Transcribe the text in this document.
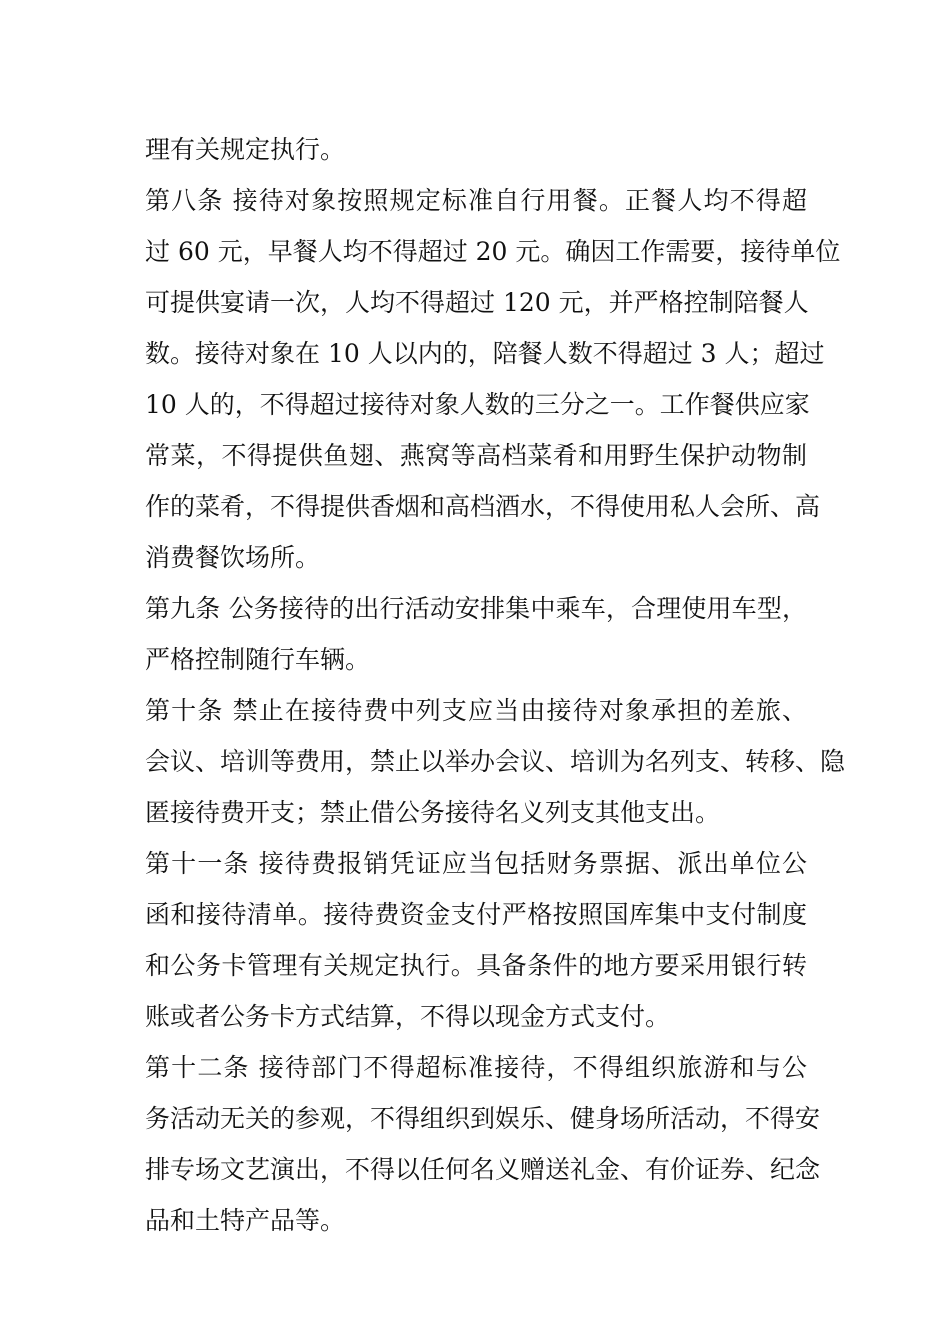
理有关规定执行。
第八条 接待对象按照规定标准自行用餐。正餐人均不得超
过 60 元，早餐人均不得超过 20 元。确因工作需要，接待单位
可提供宴请一次，人均不得超过 120 元，并严格控制陪餐人
数。接待对象在 10 人以内的，陪餐人数不得超过 3 人；超过
10 人的，不得超过接待对象人数的三分之一。工作餐供应家
常菜，不得提供鱼翅、燕窝等高档菜肴和用野生保护动物制
作的菜肴，不得提供香烟和高档酒水，不得使用私人会所、高
消费餐饮场所。
第九条 公务接待的出行活动安排集中乘车，合理使用车型，
严格控制随行车辆。
第十条 禁止在接待费中列支应当由接待对象承担的差旅、
会议、培训等费用，禁止以举办会议、培训为名列支、转移、隐
匿接待费开支；禁止借公务接待名义列支其他支出。
第十一条 接待费报销凭证应当包括财务票据、派出单位公
函和接待清单。接待费资金支付严格按照国库集中支付制度
和公务卡管理有关规定执行。具备条件的地方要采用银行转
账或者公务卡方式结算，不得以现金方式支付。
第十二条 接待部门不得超标准接待，不得组织旅游和与公
务活动无关的参观，不得组织到娱乐、健身场所活动，不得安
排专场文艺演出，不得以任何名义赠送礼金、有价证券、纪念
品和土特产品等。
